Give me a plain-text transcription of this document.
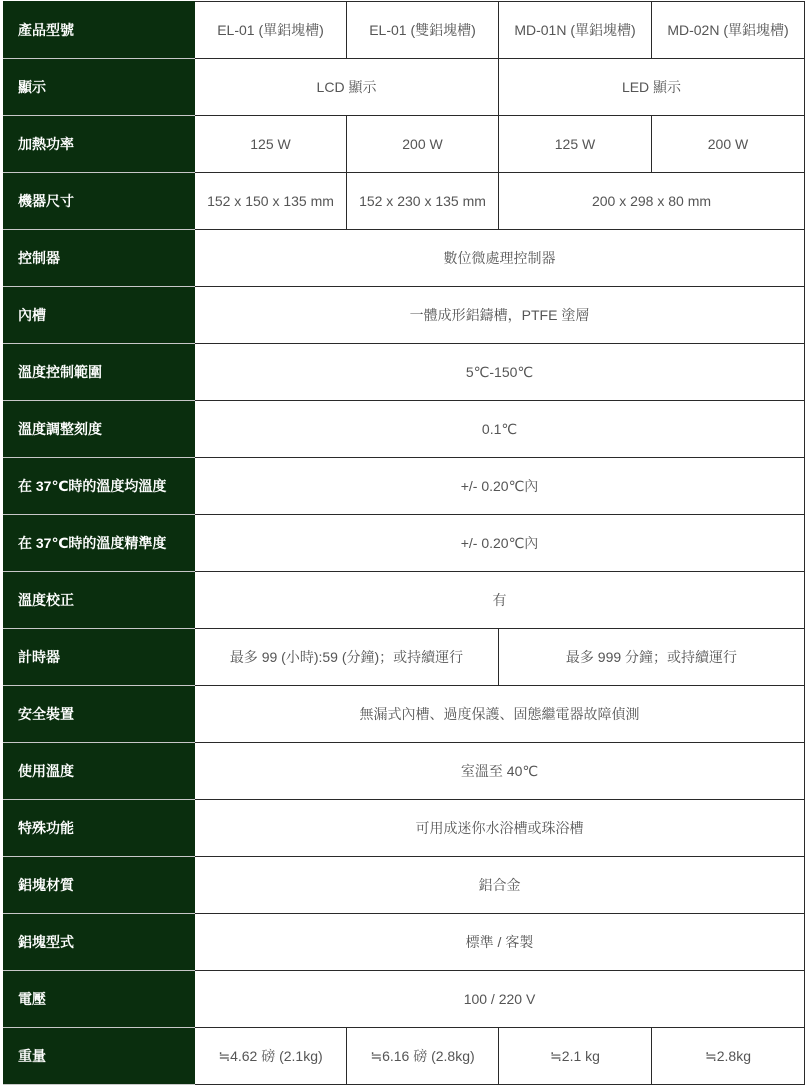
產品型號	EL-01 (單鋁塊槽)	EL-01 (雙鋁塊槽)	MD-01N (單鋁塊槽)	MD-02N (單鋁塊槽)
顯示	LCD 顯示		LED 顯示	
加熱功率	125 W	200 W	125 W	200 W
機器尺寸	152 x 150 x 135 mm	152 x 230 x 135 mm	200 x 298 x 80 mm	
控制器	數位微處理控制器			
內槽	一體成形鋁鑄槽，PTFE 塗層			
溫度控制範圍	5℃-150℃			
溫度調整刻度	0.1℃			
在 37℃時的溫度均溫度	+/- 0.20℃內			
在 37℃時的溫度精準度	+/- 0.20℃內			
溫度校正	有			
計時器	最多 99 (小時):59 (分鐘)；或持續運行		最多 999 分鐘；或持續運行	
安全裝置	無漏式內槽、過度保護、固態繼電器故障偵測			
使用溫度	室溫至 40℃			
特殊功能	可用成迷你水浴槽或珠浴槽			
鋁塊材質	鋁合金			
鋁塊型式	標準 / 客製			
電壓	100 / 220 V			
重量	≒4.62 磅 (2.1kg)	≒6.16 磅 (2.8kg)	≒2.1 kg	≒2.8kg
